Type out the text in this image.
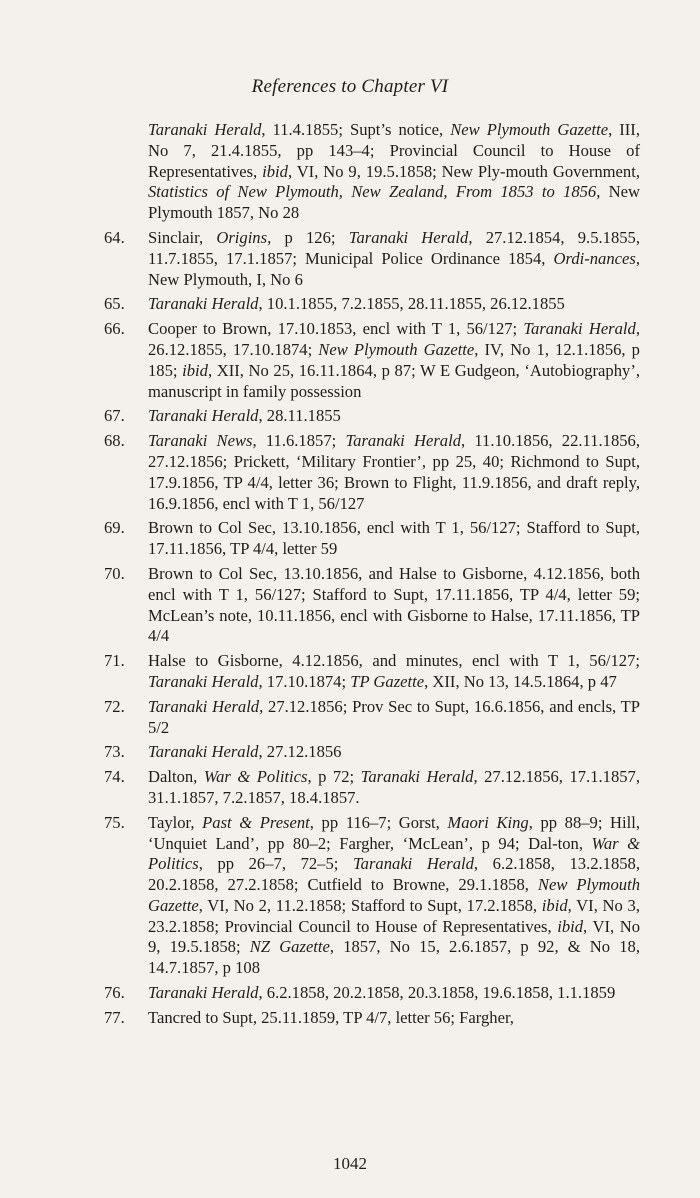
References to Chapter VI
Taranaki Herald, 11.4.1855; Supt’s notice, New Plymouth Gazette, III, No 7, 21.4.1855, pp 143–4; Provincial Council to House of Representatives, ibid, VI, No 9, 19.5.1858; New Ply-mouth Government, Statistics of New Plymouth, New Zealand, From 1853 to 1856, New Plymouth 1857, No 28
64. Sinclair, Origins, p 126; Taranaki Herald, 27.12.1854, 9.5.1855, 11.7.1855, 17.1.1857; Municipal Police Ordinance 1854, Ordi-nances, New Plymouth, I, No 6
65. Taranaki Herald, 10.1.1855, 7.2.1855, 28.11.1855, 26.12.1855
66. Cooper to Brown, 17.10.1853, encl with T 1, 56/127; Taranaki Herald, 26.12.1855, 17.10.1874; New Plymouth Gazette, IV, No 1, 12.1.1856, p 185; ibid, XII, No 25, 16.11.1864, p 87; W E Gudgeon, ‘Autobiography’, manuscript in family possession
67. Taranaki Herald, 28.11.1855
68. Taranaki News, 11.6.1857; Taranaki Herald, 11.10.1856, 22.11.1856, 27.12.1856; Prickett, ‘Military Frontier’, pp 25, 40; Richmond to Supt, 17.9.1856, TP 4/4, letter 36; Brown to Flight, 11.9.1856, and draft reply, 16.9.1856, encl with T 1, 56/127
69. Brown to Col Sec, 13.10.1856, encl with T 1, 56/127; Stafford to Supt, 17.11.1856, TP 4/4, letter 59
70. Brown to Col Sec, 13.10.1856, and Halse to Gisborne, 4.12.1856, both encl with T 1, 56/127; Stafford to Supt, 17.11.1856, TP 4/4, letter 59; McLean’s note, 10.11.1856, encl with Gisborne to Halse, 17.11.1856, TP 4/4
71. Halse to Gisborne, 4.12.1856, and minutes, encl with T 1, 56/127; Taranaki Herald, 17.10.1874; TP Gazette, XII, No 13, 14.5.1864, p 47
72. Taranaki Herald, 27.12.1856; Prov Sec to Supt, 16.6.1856, and encls, TP 5/2
73. Taranaki Herald, 27.12.1856
74. Dalton, War & Politics, p 72; Taranaki Herald, 27.12.1856, 17.1.1857, 31.1.1857, 7.2.1857, 18.4.1857.
75. Taylor, Past & Present, pp 116–7; Gorst, Maori King, pp 88–9; Hill, ‘Unquiet Land’, pp 80–2; Fargher, ‘McLean’, p 94; Dal-ton, War & Politics, pp 26–7, 72–5; Taranaki Herald, 6.2.1858, 13.2.1858, 20.2.1858, 27.2.1858; Cutfield to Browne, 29.1.1858, New Plymouth Gazette, VI, No 2, 11.2.1858; Stafford to Supt, 17.2.1858, ibid, VI, No 3, 23.2.1858; Provincial Council to House of Representatives, ibid, VI, No 9, 19.5.1858; NZ Gazette, 1857, No 15, 2.6.1857, p 92, & No 18, 14.7.1857, p 108
76. Taranaki Herald, 6.2.1858, 20.2.1858, 20.3.1858, 19.6.1858, 1.1.1859
77. Tancred to Supt, 25.11.1859, TP 4/7, letter 56; Fargher,
1042
